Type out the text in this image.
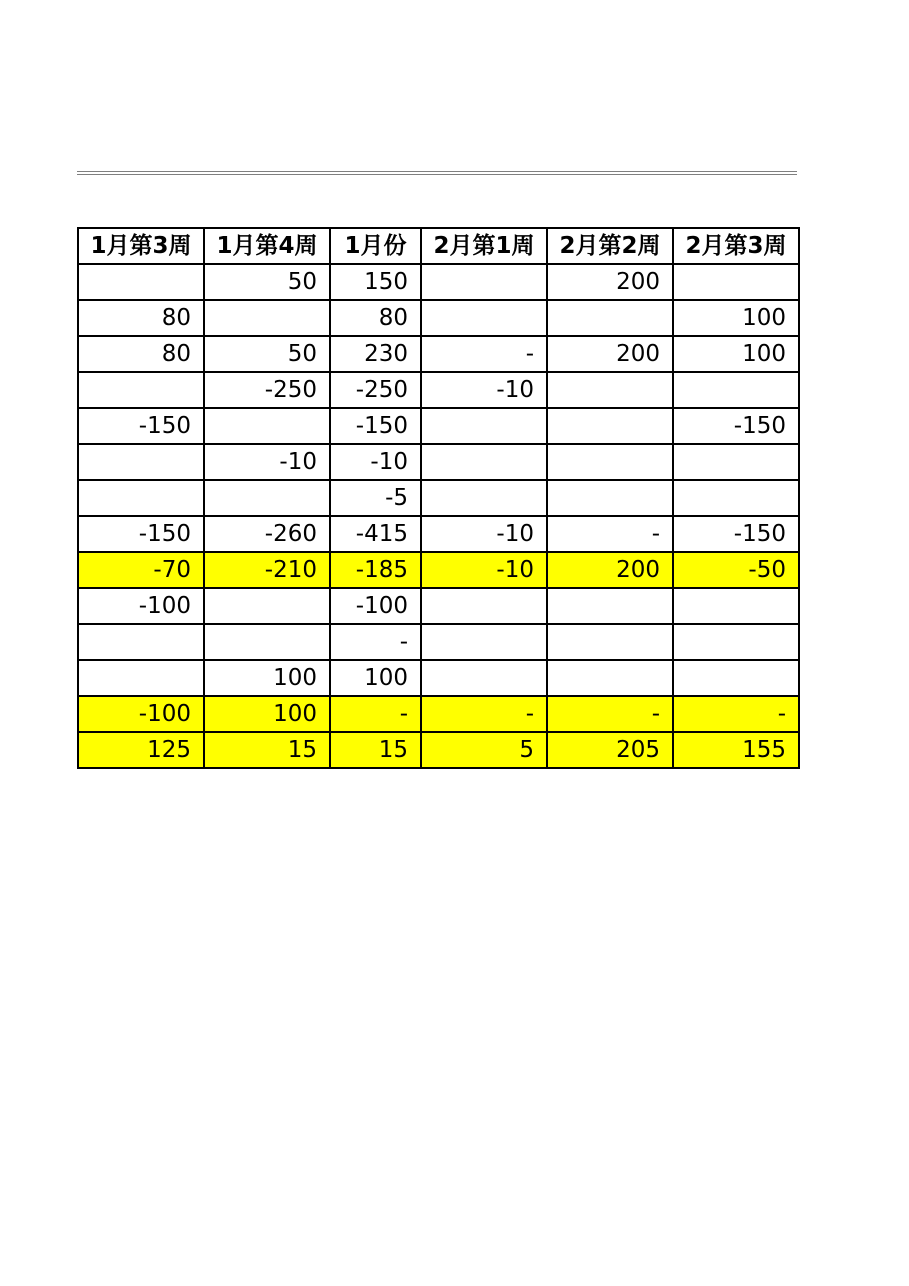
1月第3周	1月第4周	1月份	2月第1周	2月第2周	2月第3周
	50	150		200	
80		80			100
80	50	230	-	200	100
	-250	-250	-10		
-150		-150			-150
	-10	-10			
		-5			
-150	-260	-415	-10	-	-150
-70	-210	-185	-10	200	-50
-100		-100			
		-			
	100	100			
-100	100	-	-	-	-
125	15	15	5	205	155
